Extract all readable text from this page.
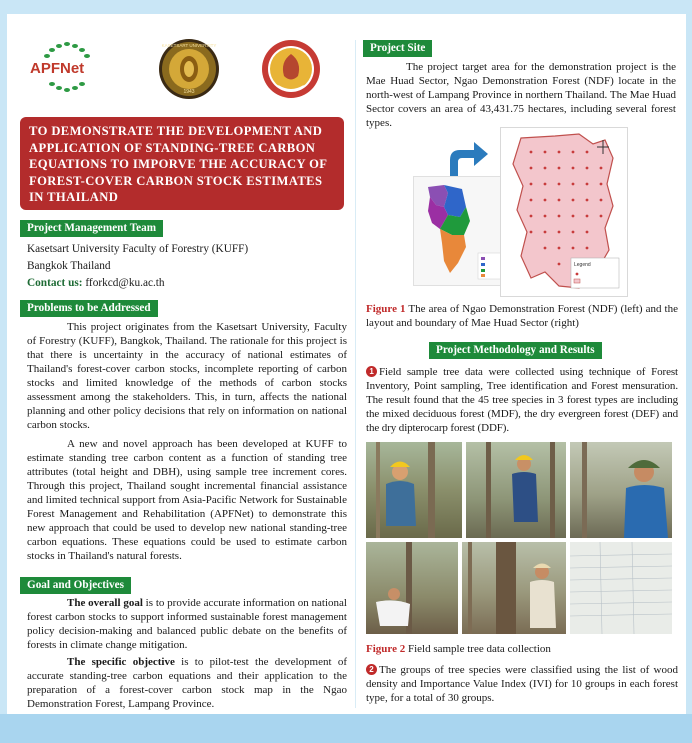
APFNet
KASETSART UNIVERSITY
1943
TO DEMONSTRATE THE DEVELOPMENT AND APPLICATION OF STANDING-TREE CARBON EQUATIONS TO IMPORVE THE ACCURACY OF FOREST-COVER CARBON STOCK ESTIMATES IN THAILAND
Project Management Team
Kasetsart University Faculty of Forestry (KUFF)
Bangkok Thailand
Contact us: fforkcd@ku.ac.th
Problems to be Addressed

This project originates from the Kasetsart University, Faculty of Forestry (KUFF), Bangkok, Thailand. The rationale for this project is that there is uncertainty in the accuracy of national estimates of Thailand's forest-cover carbon stocks, incomplete reporting of carbon stocks and limited knowledge of the methods of carbon stocks assessment among the stakeholders. This, in turn, affects the national planning and other policy decisions that rely on information on national carbon stocks.

A new and novel approach has been developed at KUFF to estimate standing tree carbon content as a function of standing tree attributes (total height and DBH), using sample tree increment cores. Through this project, Thailand sought incremental financial assistance and limited technical support from Asia-Pacific Network for Sustainable Forest Management and Rehabilitation (APFNet) to demonstrate this new approach that could be used to develop new national standing-tree carbon equations. These equations could be used to estimate carbon stocks in Thailand's natural forests.

Goal and Objectives

The overall goal is to provide accurate information on national forest carbon stocks to support informed sustainable forest management policy decision-making and balanced public debate on the benefits of forests in climate change mitigation.

The specific objective is to pilot-test the development of accurate standing-tree carbon equations and their application to the preparation of a forest-cover carbon stock map in the Ngao Demonstration Forest, Lampang Province.

Project Site

The project target area for the demonstration project is the Mae Huad Sector, Ngao Demonstration Forest (NDF) locate in the north-west of Lampang Province in northern Thailand. The Mae Huad Sector covers an area of 43,431.75 hectares, including several forest types.

Legend
Figure 1 The area of Ngao Demonstration Forest (NDF) (left) and the layout and boundary of Mae Huad Sector (right)
Project Methodology and Results
1 Field sample tree data were collected using technique of Forest Inventory, Point sampling, Tree identification and Forest mensuration. The result found that the 45 tree species in 3 forest types are including the mixed deciduous forest (MDF), the dry evergreen forest (DEF) and the dry dipterocarp forest (DDF).
Figure 2 Field sample tree data collection
2 The groups of tree species were classified using the list of wood density and Importance Value Index (IVI) for 10 groups in each forest type, for a total of 30 groups.
